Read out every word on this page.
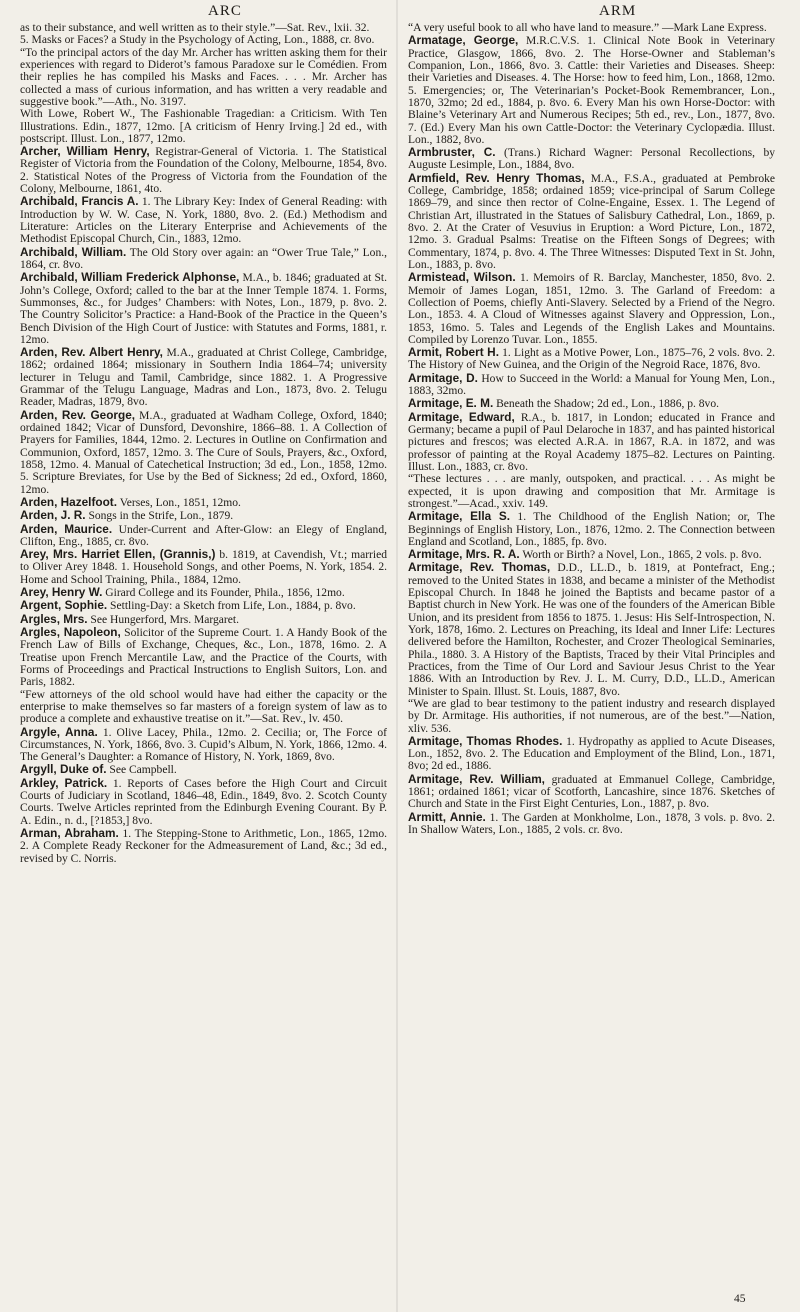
ARC	ARM

as to their substance, and well written as to their style.”—Sat. Rev., lxii. 32.

5. Masks or Faces? a Study in the Psychology of Acting, Lon., 1888, cr. 8vo.

“To the principal actors of the day Mr. Archer has written asking them for their experiences with regard to Diderot’s famous Paradoxe sur le Comédien. From their replies he has compiled his Masks and Faces. . . . Mr. Archer has collected a mass of curious information, and has written a very readable and suggestive book.”—Ath., No. 3197.

With Lowe, Robert W., The Fashionable Tragedian: a Criticism. With Ten Illustrations. Edin., 1877, 12mo. [A criticism of Henry Irving.] 2d ed., with postscript. Illust. Lon., 1877, 12mo.

Archer, William Henry, Registrar-General of Victoria. 1. The Statistical Register of Victoria from the Foundation of the Colony, Melbourne, 1854, 8vo. 2. Statistical Notes of the Progress of Victoria from the Foundation of the Colony, Melbourne, 1861, 4to.

Archibald, Francis A. 1. The Library Key: Index of General Reading: with Introduction by W. W. Case, N. York, 1880, 8vo. 2. (Ed.) Methodism and Literature: Articles on the Literary Enterprise and Achievements of the Methodist Episcopal Church, Cin., 1883, 12mo.

Archibald, William. The Old Story over again: an “Ower True Tale,” Lon., 1864, cr. 8vo.

Archibald, William Frederick Alphonse, M.A., b. 1846; graduated at St. John’s College, Oxford; called to the bar at the Inner Temple 1874. 1. Forms, Summonses, &c., for Judges’ Chambers: with Notes, Lon., 1879, p. 8vo. 2. The Country Solicitor’s Practice: a Hand-Book of the Practice in the Queen’s Bench Division of the High Court of Justice: with Statutes and Forms, 1881, r. 12mo.

Arden, Rev. Albert Henry, M.A., graduated at Christ College, Cambridge, 1862; ordained 1864; missionary in Southern India 1864–74; university lecturer in Telugu and Tamil, Cambridge, since 1882. 1. A Progressive Grammar of the Telugu Language, Madras and Lon., 1873, 8vo. 2. Telugu Reader, Madras, 1879, 8vo.

Arden, Rev. George, M.A., graduated at Wadham College, Oxford, 1840; ordained 1842; Vicar of Dunsford, Devonshire, 1866–88. 1. A Collection of Prayers for Families, 1844, 12mo. 2. Lectures in Outline on Confirmation and Communion, Oxford, 1857, 12mo. 3. The Cure of Souls, Prayers, &c., Oxford, 1858, 12mo. 4. Manual of Catechetical Instruction; 3d ed., Lon., 1858, 12mo. 5. Scripture Breviates, for Use by the Bed of Sickness; 2d ed., Oxford, 1860, 12mo.

Arden, Hazelfoot. Verses, Lon., 1851, 12mo.

Arden, J. R. Songs in the Strife, Lon., 1879.

Arden, Maurice. Under-Current and After-Glow: an Elegy of England, Clifton, Eng., 1885, cr. 8vo.

Arey, Mrs. Harriet Ellen, (Grannis,) b. 1819, at Cavendish, Vt.; married to Oliver Arey 1848. 1. Household Songs, and other Poems, N. York, 1854. 2. Home and School Training, Phila., 1884, 12mo.

Arey, Henry W. Girard College and its Founder, Phila., 1856, 12mo.

Argent, Sophie. Settling-Day: a Sketch from Life, Lon., 1884, p. 8vo.

Argles, Mrs. See Hungerford, Mrs. Margaret.

Argles, Napoleon, Solicitor of the Supreme Court. 1. A Handy Book of the French Law of Bills of Exchange, Cheques, &c., Lon., 1878, 16mo. 2. A Treatise upon French Mercantile Law, and the Practice of the Courts, with Forms of Proceedings and Practical Instructions to English Suitors, Lon. and Paris, 1882.

“Few attorneys of the old school would have had either the capacity or the enterprise to make themselves so far masters of a foreign system of law as to produce a complete and exhaustive treatise on it.”—Sat. Rev., lv. 450.

Argyle, Anna. 1. Olive Lacey, Phila., 12mo. 2. Cecilia; or, The Force of Circumstances, N. York, 1866, 8vo. 3. Cupid’s Album, N. York, 1866, 12mo. 4. The General’s Daughter: a Romance of History, N. York, 1869, 8vo.

Argyll, Duke of. See Campbell.

Arkley, Patrick. 1. Reports of Cases before the High Court and Circuit Courts of Judiciary in Scotland, 1846–48, Edin., 1849, 8vo. 2. Scotch County Courts. Twelve Articles reprinted from the Edinburgh Evening Courant. By P. A. Edin., n. d., [?1853,] 8vo.

Arman, Abraham. 1. The Stepping-Stone to Arithmetic, Lon., 1865, 12mo. 2. A Complete Ready Reckoner for the Admeasurement of Land, &c.; 3d ed., revised by C. Norris.

“A very useful book to all who have land to measure.” —Mark Lane Express.

Armatage, George, M.R.C.V.S. 1. Clinical Note Book in Veterinary Practice, Glasgow, 1866, 8vo. 2. The Horse-Owner and Stableman’s Companion, Lon., 1866, 8vo. 3. Cattle: their Varieties and Diseases. Sheep: their Varieties and Diseases. 4. The Horse: how to feed him, Lon., 1868, 12mo. 5. Emergencies; or, The Veterinarian’s Pocket-Book Remembrancer, Lon., 1870, 32mo; 2d ed., 1884, p. 8vo. 6. Every Man his own Horse-Doctor: with Blaine’s Veterinary Art and Numerous Recipes; 5th ed., rev., Lon., 1877, 8vo. 7. (Ed.) Every Man his own Cattle-Doctor: the Veterinary Cyclopædia. Illust. Lon., 1882, 8vo.

Armbruster, C. (Trans.) Richard Wagner: Personal Recollections, by Auguste Lesimple, Lon., 1884, 8vo.

Armfield, Rev. Henry Thomas, M.A., F.S.A., graduated at Pembroke College, Cambridge, 1858; ordained 1859; vice-principal of Sarum College 1869–79, and since then rector of Colne-Engaine, Essex. 1. The Legend of Christian Art, illustrated in the Statues of Salisbury Cathedral, Lon., 1869, p. 8vo. 2. At the Crater of Vesuvius in Eruption: a Word Picture, Lon., 1872, 12mo. 3. Gradual Psalms: Treatise on the Fifteen Songs of Degrees; with Commentary, 1874, p. 8vo. 4. The Three Witnesses: Disputed Text in St. John, Lon., 1883, p. 8vo.

Armistead, Wilson. 1. Memoirs of R. Barclay, Manchester, 1850, 8vo. 2. Memoir of James Logan, 1851, 12mo. 3. The Garland of Freedom: a Collection of Poems, chiefly Anti-Slavery. Selected by a Friend of the Negro. Lon., 1853. 4. A Cloud of Witnesses against Slavery and Oppression, Lon., 1853, 16mo. 5. Tales and Legends of the English Lakes and Mountains. Compiled by Lorenzo Tuvar. Lon., 1855.

Armit, Robert H. 1. Light as a Motive Power, Lon., 1875–76, 2 vols. 8vo. 2. The History of New Guinea, and the Origin of the Negroid Race, 1876, 8vo.

Armitage, D. How to Succeed in the World: a Manual for Young Men, Lon., 1883, 32mo.

Armitage, E. M. Beneath the Shadow; 2d ed., Lon., 1886, p. 8vo.

Armitage, Edward, R.A., b. 1817, in London; educated in France and Germany; became a pupil of Paul Delaroche in 1837, and has painted historical pictures and frescos; was elected A.R.A. in 1867, R.A. in 1872, and was professor of painting at the Royal Academy 1875–82. Lectures on Painting. Illust. Lon., 1883, cr. 8vo.

“These lectures . . . are manly, outspoken, and practical. . . . As might be expected, it is upon drawing and composition that Mr. Armitage is strongest.”—Acad., xxiv. 149.

Armitage, Ella S. 1. The Childhood of the English Nation; or, The Beginnings of English History, Lon., 1876, 12mo. 2. The Connection between England and Scotland, Lon., 1885, fp. 8vo.

Armitage, Mrs. R. A. Worth or Birth? a Novel, Lon., 1865, 2 vols. p. 8vo.

Armitage, Rev. Thomas, D.D., LL.D., b. 1819, at Pontefract, Eng.; removed to the United States in 1838, and became a minister of the Methodist Episcopal Church. In 1848 he joined the Baptists and became pastor of a Baptist church in New York. He was one of the founders of the American Bible Union, and its president from 1856 to 1875. 1. Jesus: His Self-Introspection, N. York, 1878, 16mo. 2. Lectures on Preaching, its Ideal and Inner Life: Lectures delivered before the Hamilton, Rochester, and Crozer Theological Seminaries, Phila., 1880. 3. A History of the Baptists, Traced by their Vital Principles and Practices, from the Time of Our Lord and Saviour Jesus Christ to the Year 1886. With an Introduction by Rev. J. L. M. Curry, D.D., LL.D., American Minister to Spain. Illust. St. Louis, 1887, 8vo.

“We are glad to bear testimony to the patient industry and research displayed by Dr. Armitage. His authorities, if not numerous, are of the best.”—Nation, xliv. 536.

Armitage, Thomas Rhodes. 1. Hydropathy as applied to Acute Diseases, Lon., 1852, 8vo. 2. The Education and Employment of the Blind, Lon., 1871, 8vo; 2d ed., 1886.

Armitage, Rev. William, graduated at Emmanuel College, Cambridge, 1861; ordained 1861; vicar of Scotforth, Lancashire, since 1876. Sketches of Church and State in the First Eight Centuries, Lon., 1887, p. 8vo.

Armitt, Annie. 1. The Garden at Monkholme, Lon., 1878, 3 vols. p. 8vo. 2. In Shallow Waters, Lon., 1885, 2 vols. cr. 8vo.

45
